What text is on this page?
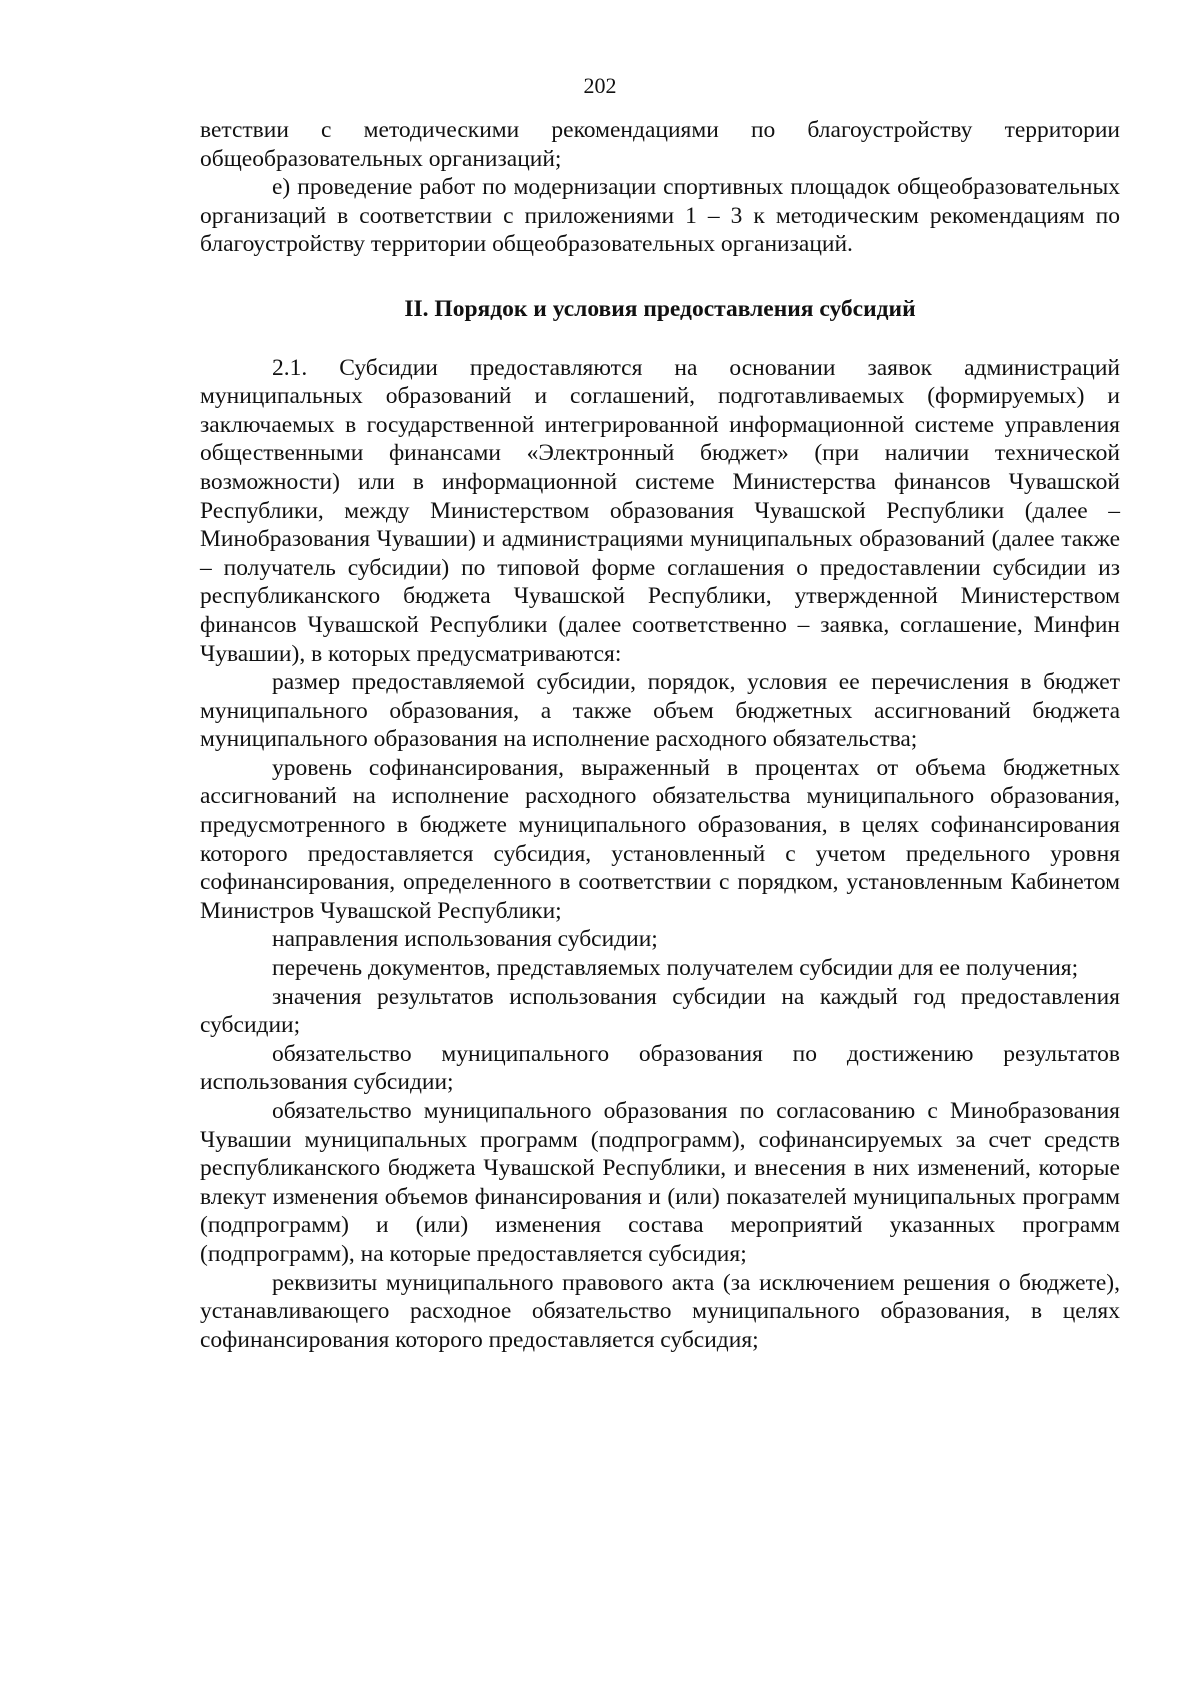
202

ветствии с методическими рекомендациями по благоустройству территории общеобразовательных организаций;

е) проведение работ по модернизации спортивных площадок общеобразовательных организаций в соответствии с приложениями 1 – 3 к методическим рекомендациям по благоустройству территории общеобразовательных организаций.

II. Порядок и условия предоставления субсидий

2.1. Субсидии предоставляются на основании заявок администраций муниципальных образований и соглашений, подготавливаемых (формируемых) и заключаемых в государственной интегрированной информационной системе управления общественными финансами «Электронный бюджет» (при наличии технической возможности) или в информационной системе Министерства финансов Чувашской Республики, между Министерством образования Чувашской Республики (далее – Минобразования Чувашии) и администрациями муниципальных образований (далее также – получатель субсидии) по типовой форме соглашения о предоставлении субсидии из республиканского бюджета Чувашской Республики, утвержденной Министерством финансов Чувашской Республики (далее соответственно – заявка, соглашение, Минфин Чувашии), в которых предусматриваются:

размер предоставляемой субсидии, порядок, условия ее перечисления в бюджет муниципального образования, а также объем бюджетных ассигнований бюджета муниципального образования на исполнение расходного обязательства;

уровень софинансирования, выраженный в процентах от объема бюджетных ассигнований на исполнение расходного обязательства муниципального образования, предусмотренного в бюджете муниципального образования, в целях софинансирования которого предоставляется субсидия, установленный с учетом предельного уровня софинансирования, определенного в соответствии с порядком, установленным Кабинетом Министров Чувашской Республики;

направления использования субсидии;

перечень документов, представляемых получателем субсидии для ее получения;

значения результатов использования субсидии на каждый год предоставления субсидии;

обязательство муниципального образования по достижению результатов использования субсидии;

обязательство муниципального образования по согласованию с Минобразования Чувашии муниципальных программ (подпрограмм), софинансируемых за счет средств республиканского бюджета Чувашской Республики, и внесения в них изменений, которые влекут изменения объемов финансирования и (или) показателей муниципальных программ (подпрограмм) и (или) изменения состава мероприятий указанных программ (подпрограмм), на которые предоставляется субсидия;

реквизиты муниципального правового акта (за исключением решения о бюджете), устанавливающего расходное обязательство муниципального образования, в целях софинансирования которого предоставляется субсидия;
